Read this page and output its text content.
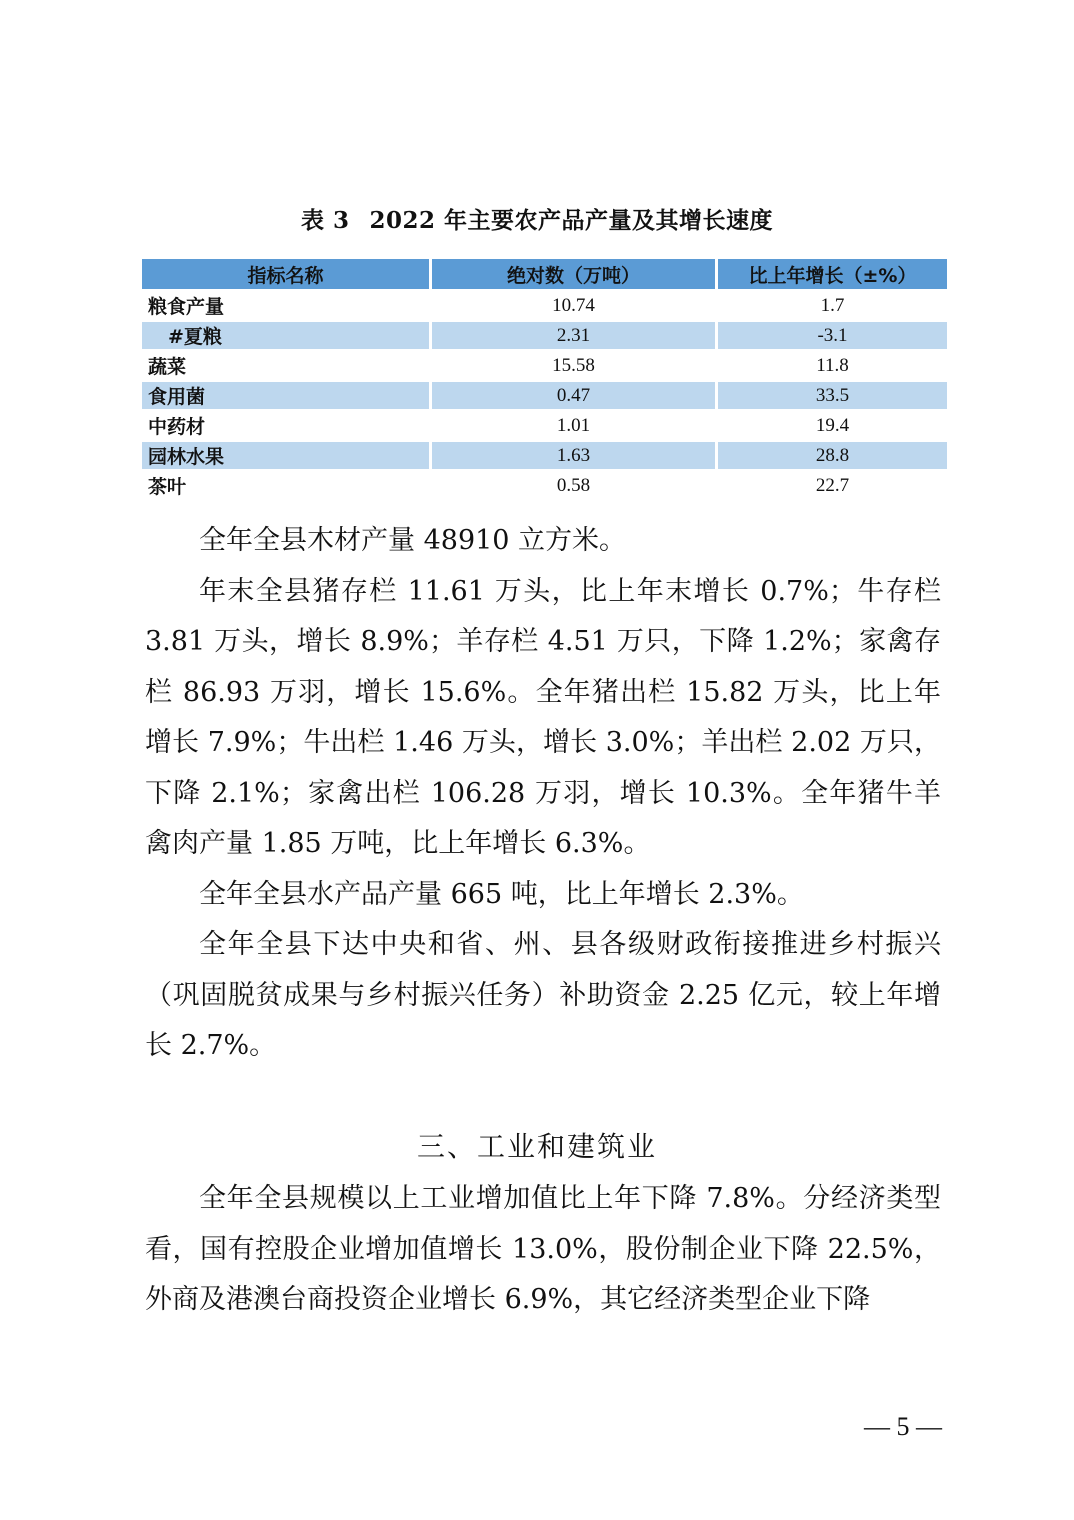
表 3 2022 年主要农产品产量及其增长速度
指标名称	绝对数（万吨）	比上年增长（±%）
粮食产量	10.74	1.7
#夏粮	2.31	-3.1
蔬菜	15.58	11.8
食用菌	0.47	33.5
中药材	1.01	19.4
园林水果	1.63	28.8
茶叶	0.58	22.7

全年全县木材产量 48910 立方米。

年末全县猪存栏 11.61 万头，比上年末增长 0.7%；牛存栏 3.81 万头，增长 8.9%；羊存栏 4.51 万只，下降 1.2%；家禽存栏 86.93 万羽，增长 15.6%。全年猪出栏 15.82 万头，比上年增长 7.9%；牛出栏 1.46 万头，增长 3.0%；羊出栏 2.02 万只，下降 2.1%；家禽出栏 106.28 万羽，增长 10.3%。全年猪牛羊禽肉产量 1.85 万吨，比上年增长 6.3%。

全年全县水产品产量 665 吨，比上年增长 2.3%。

全年全县下达中央和省、州、县各级财政衔接推进乡村振兴（巩固脱贫成果与乡村振兴任务）补助资金 2.25 亿元，较上年增长 2.7%。

三、工业和建筑业

全年全县规模以上工业增加值比上年下降 7.8%。分经济类型看，国有控股企业增加值增长 13.0%，股份制企业下降 22.5%，外商及港澳台商投资企业增长 6.9%，其它经济类型企业下降

— 5 —
